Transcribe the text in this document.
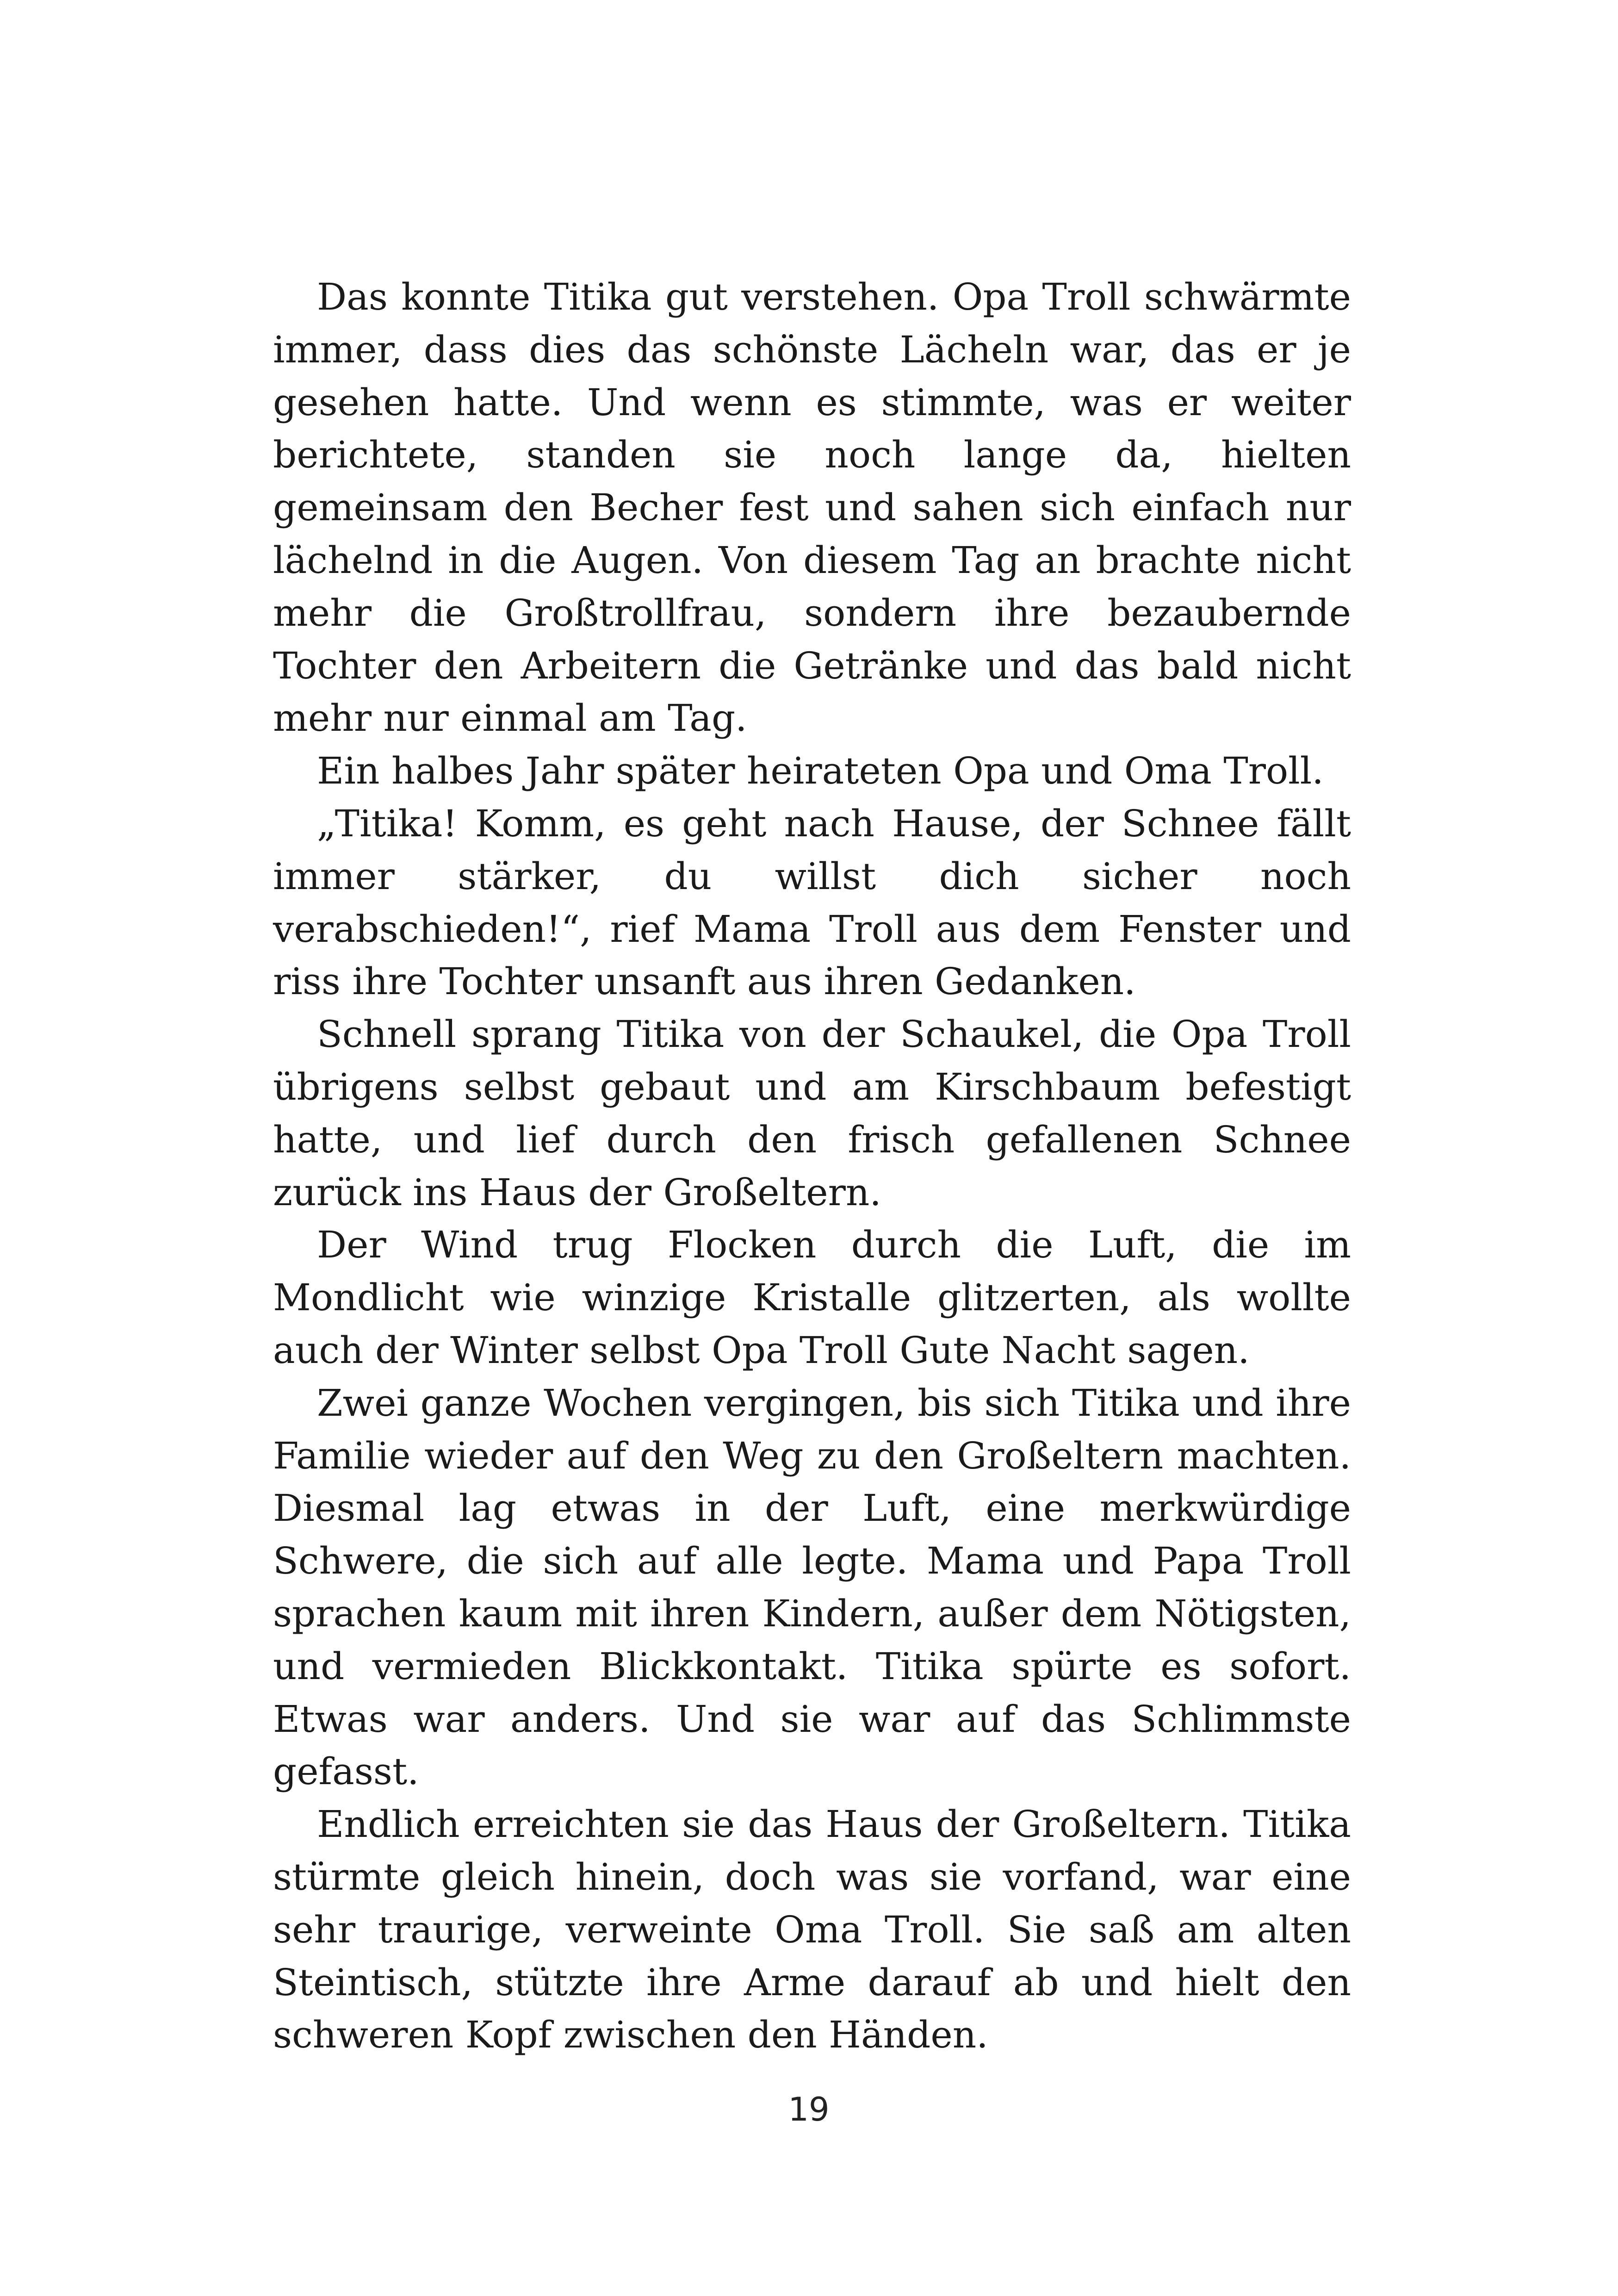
Das konnte Titika gut verstehen. Opa Troll schwärmte immer, dass dies das schönste Lächeln war, das er je gesehen hatte. Und wenn es stimmte, was er weiter berichtete, standen sie noch lange da, hielten gemeinsam den Becher fest und sahen sich einfach nur lächelnd in die Augen. Von diesem Tag an brachte nicht mehr die Großtrollfrau, sondern ihre bezaubernde Tochter den Arbeitern die Getränke und das bald nicht mehr nur einmal am Tag.

Ein halbes Jahr später heirateten Opa und Oma Troll.

„Titika! Komm, es geht nach Hause, der Schnee fällt immer stärker, du willst dich sicher noch verabschieden!“, rief Mama Troll aus dem Fenster und riss ihre Tochter unsanft aus ihren Gedanken.

Schnell sprang Titika von der Schaukel, die Opa Troll übrigens selbst gebaut und am Kirschbaum befestigt hatte, und lief durch den frisch gefallenen Schnee zurück ins Haus der Großeltern.

Der Wind trug Flocken durch die Luft, die im Mondlicht wie winzige Kristalle glitzerten, als wollte auch der Winter selbst Opa Troll Gute Nacht sagen.

Zwei ganze Wochen vergingen, bis sich Titika und ihre Familie wieder auf den Weg zu den Großeltern machten. Diesmal lag etwas in der Luft, eine merkwürdige Schwere, die sich auf alle legte. Mama und Papa Troll sprachen kaum mit ihren Kindern, außer dem Nötigsten, und vermieden Blickkontakt. Titika spürte es sofort. Etwas war anders. Und sie war auf das Schlimmste gefasst.

Endlich erreichten sie das Haus der Großeltern. Titika stürmte gleich hinein, doch was sie vorfand, war eine sehr traurige, verweinte Oma Troll. Sie saß am alten Steintisch, stützte ihre Arme darauf ab und hielt den schweren Kopf zwischen den Händen.

19
